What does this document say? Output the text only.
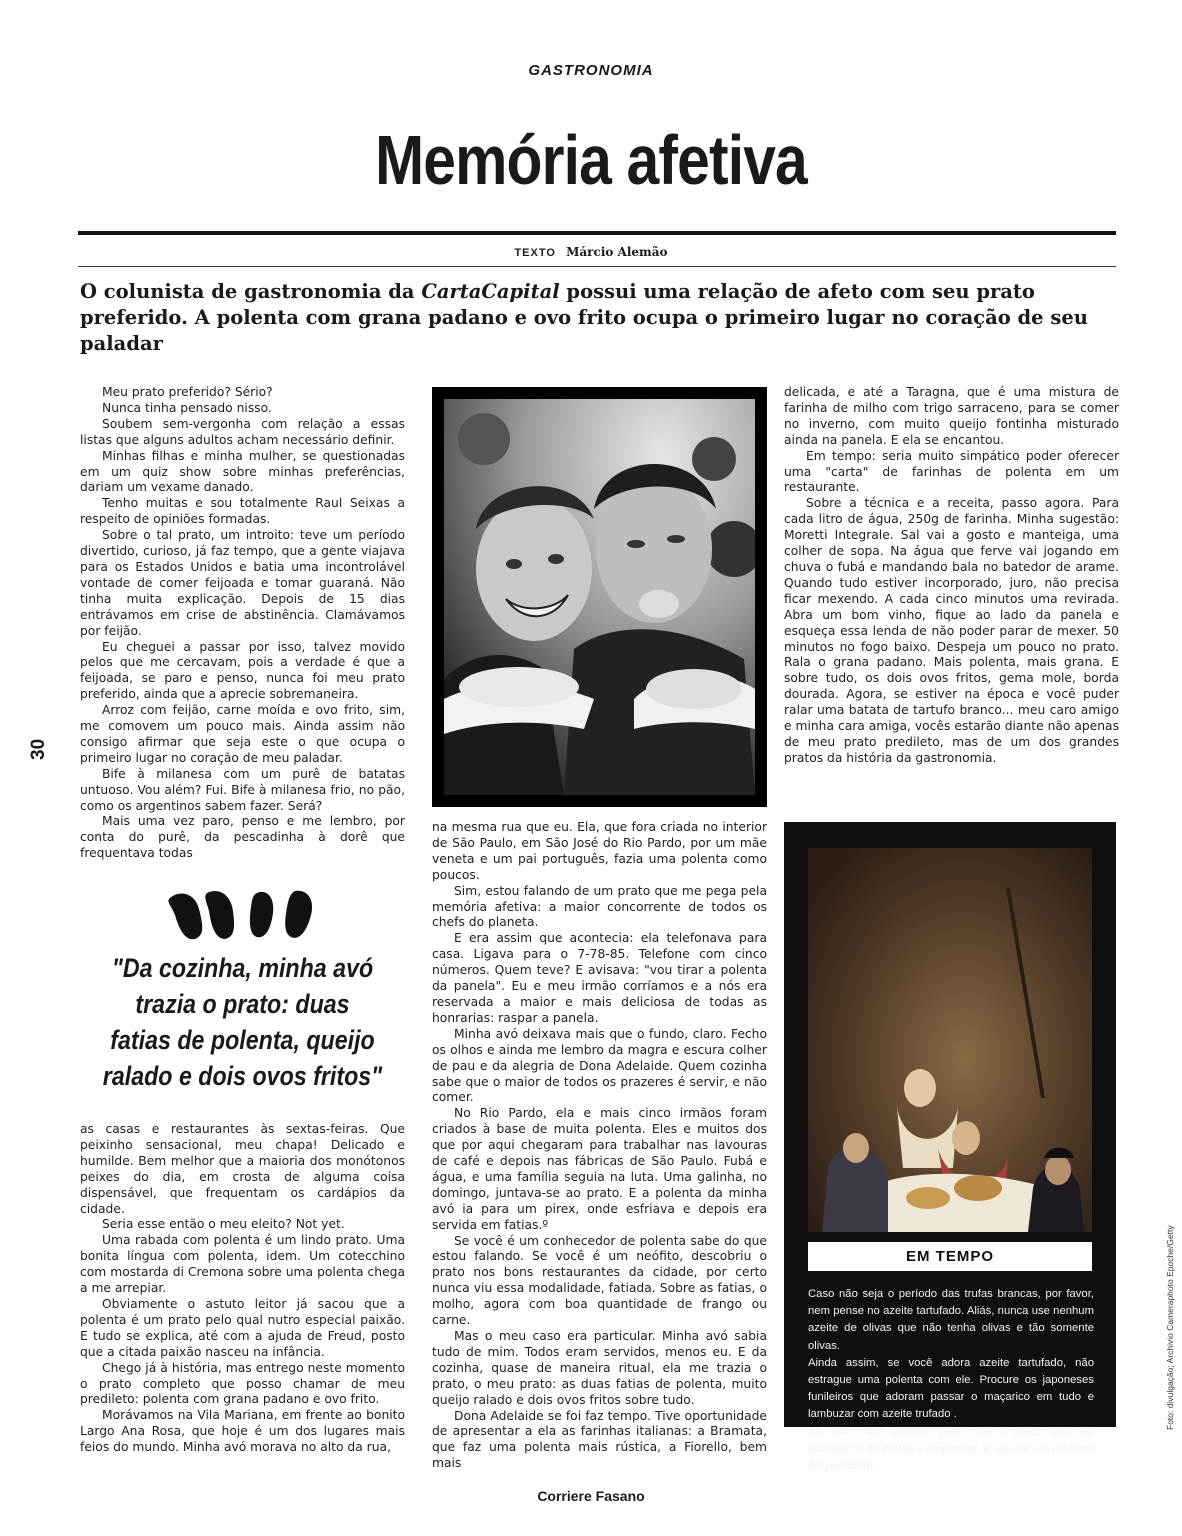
GASTRONOMIA
Memória afetiva
TEXTO Márcio Alemão
O colunista de gastronomia da CartaCapital possui uma relação de afeto com seu prato preferido. A polenta com grana padano e ovo frito ocupa o primeiro lugar no coração de seu paladar

Meu prato preferido? Sério?

Nunca tinha pensado nisso.

Soubem sem-vergonha com relação a essas listas que alguns adultos acham necessário definir.

Minhas filhas e minha mulher, se questionadas em um quiz show sobre minhas preferências, dariam um vexame danado.

Tenho muitas e sou totalmente Raul Seixas a respeito de opiniões formadas.

Sobre o tal prato, um introito: teve um período divertido, curioso, já faz tempo, que a gente viajava para os Estados Unidos e batia uma incontrolável vontade de comer feijoada e tomar guaraná. Não tinha muita explicação. Depois de 15 dias entrávamos em crise de abstinência. Clamávamos por feijão.

Eu cheguei a passar por isso, talvez movido pelos que me cercavam, pois a verdade é que a feijoada, se paro e penso, nunca foi meu prato preferido, ainda que a aprecie sobremaneira.

Arroz com feijão, carne moída e ovo frito, sim, me comovem um pouco mais. Ainda assim não consigo afirmar que seja este o que ocupa o primeiro lugar no coração de meu paladar.

Bife à milanesa com um purê de batatas untuoso. Vou além? Fui. Bife à milanesa frio, no pão, como os argentinos sabem fazer. Será?

Mais uma vez paro, penso e me lembro, por conta do purê, da pescadinha à dorê que frequentava todas

"Da cozinha, minha avó trazia o prato: duas fatias de polenta, queijo ralado e dois ovos fritos"

as casas e restaurantes às sextas-feiras. Que peixinho sensacional, meu chapa! Delicado e humilde. Bem melhor que a maioria dos monótonos peixes do dia, em crosta de alguma coisa dispensável, que frequentam os cardápios da cidade.

Seria esse então o meu eleito? Not yet.

Uma rabada com polenta é um lindo prato. Uma bonita língua com polenta, idem. Um cotecchino com mostarda di Cremona sobre uma polenta chega a me arrepiar.

Obviamente o astuto leitor já sacou que a polenta é um prato pelo qual nutro especial paixão. E tudo se explica, até com a ajuda de Freud, posto que a citada paixão nasceu na infância.

Chego já à história, mas entrego neste momento o prato completo que posso chamar de meu predileto: polenta com grana padano e ovo frito.

Morávamos na Vila Mariana, em frente ao bonito Largo Ana Rosa, que hoje é um dos lugares mais feios do mundo. Minha avó morava no alto da rua,

na mesma rua que eu. Ela, que fora criada no interior de São Paulo, em São José do Rio Pardo, por um mãe veneta e um pai português, fazia uma polenta como poucos.

Sim, estou falando de um prato que me pega pela memória afetiva: a maior concorrente de todos os chefs do planeta.

E era assim que acontecia: ela telefonava para casa. Ligava para o 7-78-85. Telefone com cinco números. Quem teve? E avisava: "vou tirar a polenta da panela". Eu e meu irmão corríamos e a nós era reservada a maior e mais deliciosa de todas as honrarias: raspar a panela.

Minha avó deixava mais que o fundo, claro. Fecho os olhos e ainda me lembro da magra e escura colher de pau e da alegria de Dona Adelaide. Quem cozinha sabe que o maior de todos os prazeres é servir, e não comer.

No Rio Pardo, ela e mais cinco irmãos foram criados à base de muita polenta. Eles e muitos dos que por aqui chegaram para trabalhar nas lavouras de café e depois nas fábricas de São Paulo. Fubá e água, e uma família seguia na luta. Uma galinha, no domingo, juntava-se ao prato. E a polenta da minha avó ia para um pirex, onde esfriava e depois era servida em fatias.º

Se você é um conhecedor de polenta sabe do que estou falando. Se você é um neófito, descobriu o prato nos bons restaurantes da cidade, por certo nunca viu essa modalidade, fatiada. Sobre as fatias, o molho, agora com boa quantidade de frango ou carne.

Mas o meu caso era particular. Minha avó sabia tudo de mim. Todos eram servidos, menos eu. E da cozinha, quase de maneira ritual, ela me trazia o prato, o meu prato: as duas fatias de polenta, muito queijo ralado e dois ovos fritos sobre tudo.

Dona Adelaide se foi faz tempo. Tive oportunidade de apresentar a ela as farinhas italianas: a Bramata, que faz uma polenta mais rústica, a Fiorello, bem mais

delicada, e até a Taragna, que é uma mistura de farinha de milho com trigo sarraceno, para se comer no inverno, com muito queijo fontinha misturado ainda na panela. E ela se encantou.

Em tempo: seria muito simpático poder oferecer uma "carta" de farinhas de polenta em um restaurante.

Sobre a técnica e a receita, passo agora. Para cada litro de água, 250g de farinha. Minha sugestão: Moretti Integrale. Sal vai a gosto e manteiga, uma colher de sopa. Na água que ferve vai jogando em chuva o fubá e mandando bala no batedor de arame. Quando tudo estiver incorporado, juro, não precisa ficar mexendo. A cada cinco minutos uma revirada. Abra um bom vinho, fique ao lado da panela e esqueça essa lenda de não poder parar de mexer. 50 minutos no fogo baixo. Despeja um pouco no prato. Rala o grana padano. Mais polenta, mais grana. E sobre tudo, os dois ovos fritos, gema mole, borda dourada. Agora, se estiver na época e você puder ralar uma batata de tartufo branco... meu caro amigo e minha cara amiga, vocês estarão diante não apenas de meu prato predileto, mas de um dos grandes pratos da história da gastronomia.

EM TEMPO

Caso não seja o período das trufas brancas, por favor, nem pense no azeite tartufado. Aliás, nunca use nenhum azeite de olivas que não tenha olivas e tão somente olivas.

Ainda assim, se você adora azeite tartufado, não estrague uma polenta com ele. Procure os japoneses funileiros que adoram passar o maçarico em tudo e lambuzar com azeite trufado .

Ah, sim! Você também pode usar o citado óleo em dobradiças de portas e emprestar ao seu lar um profumo del piemonte.

30
Foto: divulgação; Archivio Cameraphoto Epoche/Getty
Corriere Fasano
